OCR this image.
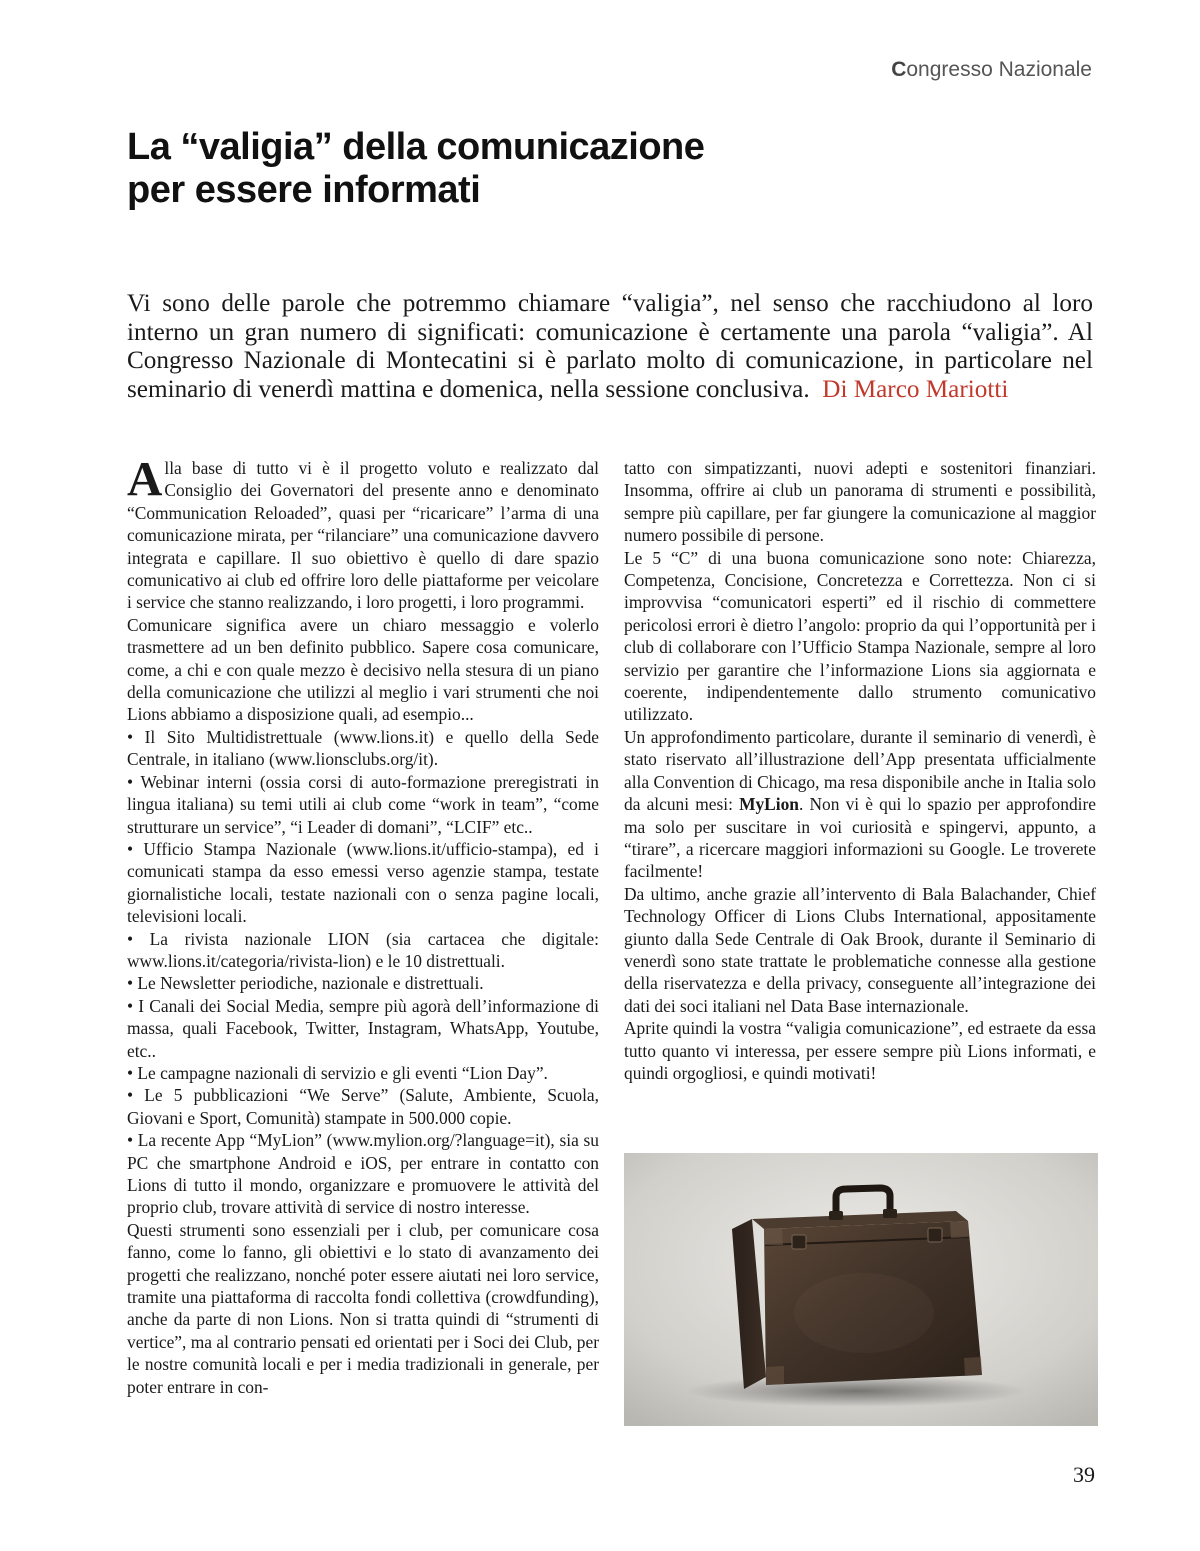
Congresso Nazionale
La “valigia” della comunicazione
per essere informati

Vi sono delle parole che potremmo chiamare “valigia”, nel senso che racchiudono al loro interno un gran numero di significati: comunicazione è certamente una parola “valigia”. Al Congresso Nazionale di Montecatini si è parlato molto di comunicazione, in particolare nel seminario di venerdì mattina e domenica, nella sessione conclusiva. Di Marco Mariotti

Alla base di tutto vi è il progetto voluto e realizzato dal Consiglio dei Governatori del presente anno e denominato “Communication Reloaded”, quasi per “ricaricare” l’arma di una comunicazione mirata, per “rilanciare” una comunicazione davvero integrata e capillare. Il suo obiettivo è quello di dare spazio comunicativo ai club ed offrire loro delle piattaforme per veicolare i service che stanno realizzando, i loro progetti, i loro programmi.

Comunicare significa avere un chiaro messaggio e volerlo trasmettere ad un ben definito pubblico. Sapere cosa comunicare, come, a chi e con quale mezzo è decisivo nella stesura di un piano della comunicazione che utilizzi al meglio i vari strumenti che noi Lions abbiamo a disposizione quali, ad esempio...

• Il Sito Multidistrettuale (www.lions.it) e quello della Sede Centrale, in italiano (www.lionsclubs.org/it).

• Webinar interni (ossia corsi di auto-formazione preregistrati in lingua italiana) su temi utili ai club come “work in team”, “come strutturare un service”, “i Leader di domani”, “LCIF” etc..

• Ufficio Stampa Nazionale (www.lions.it/ufficio-stampa), ed i comunicati stampa da esso emessi verso agenzie stampa, testate giornalistiche locali, testate nazionali con o senza pagine locali, televisioni locali.

• La rivista nazionale LION (sia cartacea che digitale: www.lions.it/categoria/rivista-lion) e le 10 distrettuali.

• Le Newsletter periodiche, nazionale e distrettuali.

• I Canali dei Social Media, sempre più agorà dell’informazione di massa, quali Facebook, Twitter, Instagram, WhatsApp, Youtube, etc..

• Le campagne nazionali di servizio e gli eventi “Lion Day”.

• Le 5 pubblicazioni “We Serve” (Salute, Ambiente, Scuola, Giovani e Sport, Comunità) stampate in 500.000 copie.

• La recente App “MyLion” (www.mylion.org/?language=it), sia su PC che smartphone Android e iOS, per entrare in contatto con Lions di tutto il mondo, organizzare e promuovere le attività del proprio club, trovare attività di service di nostro interesse.

Questi strumenti sono essenziali per i club, per comunicare cosa fanno, come lo fanno, gli obiettivi e lo stato di avanzamento dei progetti che realizzano, nonché poter essere aiutati nei loro service, tramite una piattaforma di raccolta fondi collettiva (crowdfunding), anche da parte di non Lions. Non si tratta quindi di “strumenti di vertice”, ma al contrario pensati ed orientati per i Soci dei Club, per le nostre comunità locali e per i media tradizionali in generale, per poter entrare in con-

tatto con simpatizzanti, nuovi adepti e sostenitori finanziari. Insomma, offrire ai club un panorama di strumenti e possibilità, sempre più capillare, per far giungere la comunicazione al maggior numero possibile di persone.

Le 5 “C” di una buona comunicazione sono note: Chiarezza, Competenza, Concisione, Concretezza e Correttezza. Non ci si improvvisa “comunicatori esperti” ed il rischio di commettere pericolosi errori è dietro l’angolo: proprio da qui l’opportunità per i club di collaborare con l’Ufficio Stampa Nazionale, sempre al loro servizio per garantire che l’informazione Lions sia aggiornata e coerente, indipendentemente dallo strumento comunicativo utilizzato.

Un approfondimento particolare, durante il seminario di venerdì, è stato riservato all’illustrazione dell’App presentata ufficialmente alla Convention di Chicago, ma resa disponibile anche in Italia solo da alcuni mesi: MyLion. Non vi è qui lo spazio per approfondire ma solo per suscitare in voi curiosità e spingervi, appunto, a “tirare”, a ricercare maggiori informazioni su Google. Le troverete facilmente!

Da ultimo, anche grazie all’intervento di Bala Balachander, Chief Technology Officer di Lions Clubs International, appositamente giunto dalla Sede Centrale di Oak Brook, durante il Seminario di venerdì sono state trattate le problematiche connesse alla gestione della riservatezza e della privacy, conseguente all’integrazione dei dati dei soci italiani nel Data Base internazionale.

Aprite quindi la vostra “valigia comunicazione”, ed estraete da essa tutto quanto vi interessa, per essere sempre più Lions informati, e quindi orgogliosi, e quindi motivati!

39
